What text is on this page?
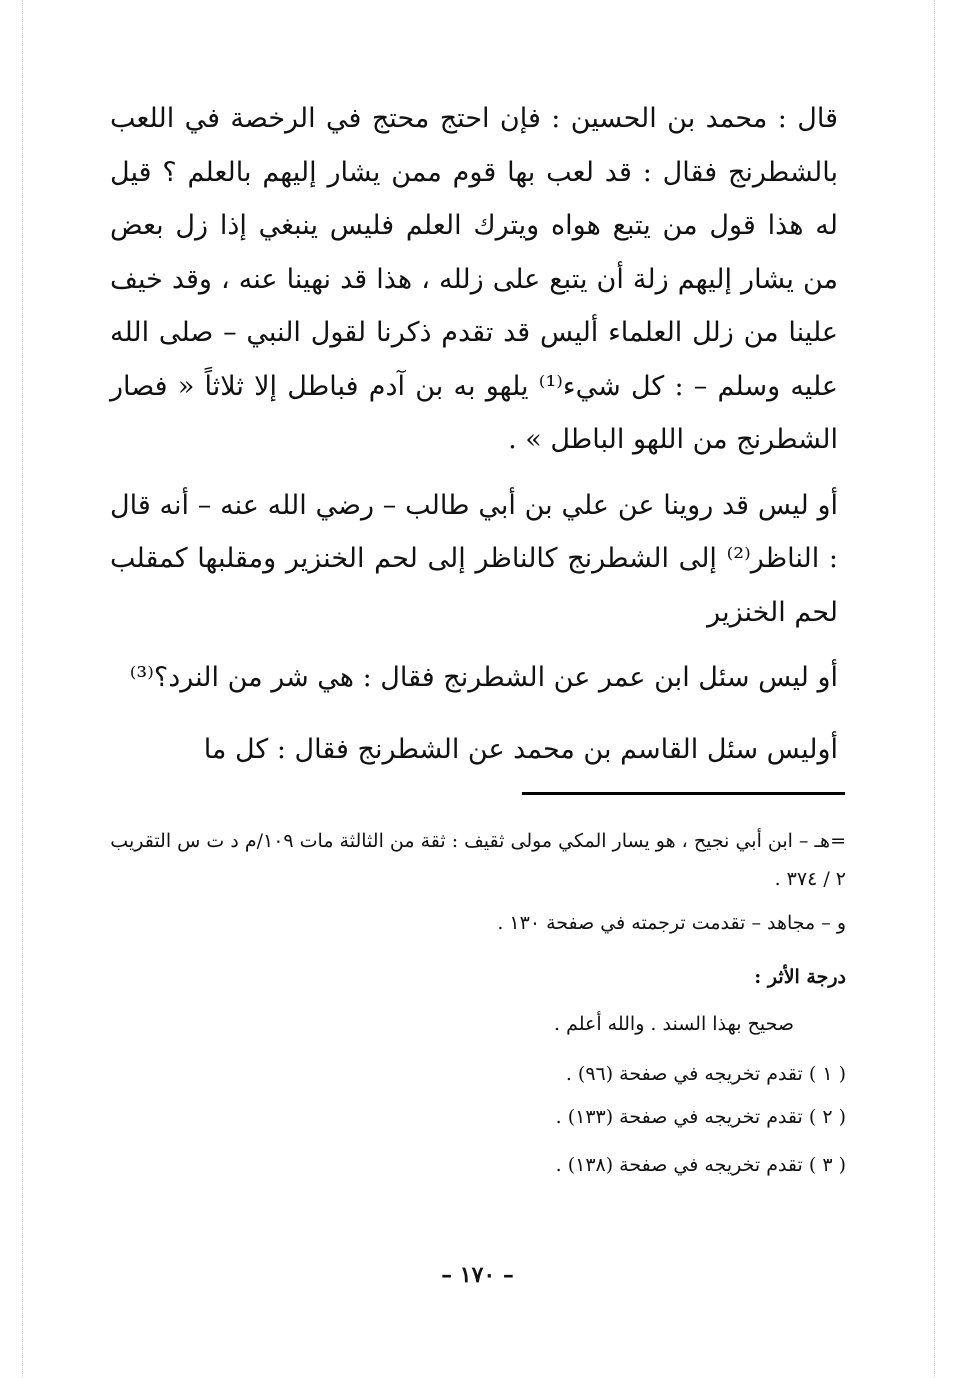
قال : محمد بن الحسين : فإن احتج محتج في الرخصة في اللعب بالشطرنج فقال : قد لعب بها قوم ممن يشار إليهم بالعلم ؟ قيل له هذا قول من يتبع هواه ويترك العلم فليس ينبغي إذا زل بعض من يشار إليهم زلة أن يتبع على زلله ، هذا قد نهينا عنه ، وقد خيف علينا من زلل العلماء أليس قد تقدم ذكرنا لقول النبي – صلى الله عليه وسلم – : كل شيء⁽¹⁾ يلهو به بن آدم فباطل إلا ثلاثاً « فصار الشطرنج من اللهو الباطل » .

أو ليس قد روينا عن علي بن أبي طالب – رضي الله عنه – أنه قال : الناظر⁽²⁾ إلى الشطرنج كالناظر إلى لحم الخنزير ومقلبها كمقلب لحم الخنزير

أو ليس سئل ابن عمر عن الشطرنج فقال : هي شر من النرد؟⁽³⁾

أوليس سئل القاسم بن محمد عن الشطرنج فقال : كل ما

=هـ – ابن أبي نجيح ، هو يسار المكي مولى ثقيف : ثقة من الثالثة مات ١٠٩/م د ت س التقريب ٢ / ٣٧٤ .

و – مجاهد – تقدمت ترجمته في صفحة ١٣٠ .

درجة الأثر :
صحيح بهذا السند . والله أعلم .
( ١ ) تقدم تخريجه في صفحة (٩٦) .
( ٢ ) تقدم تخريجه في صفحة (١٣٣) .
( ٣ ) تقدم تخريجه في صفحة (١٣٨) .
– ١٧٠ –
